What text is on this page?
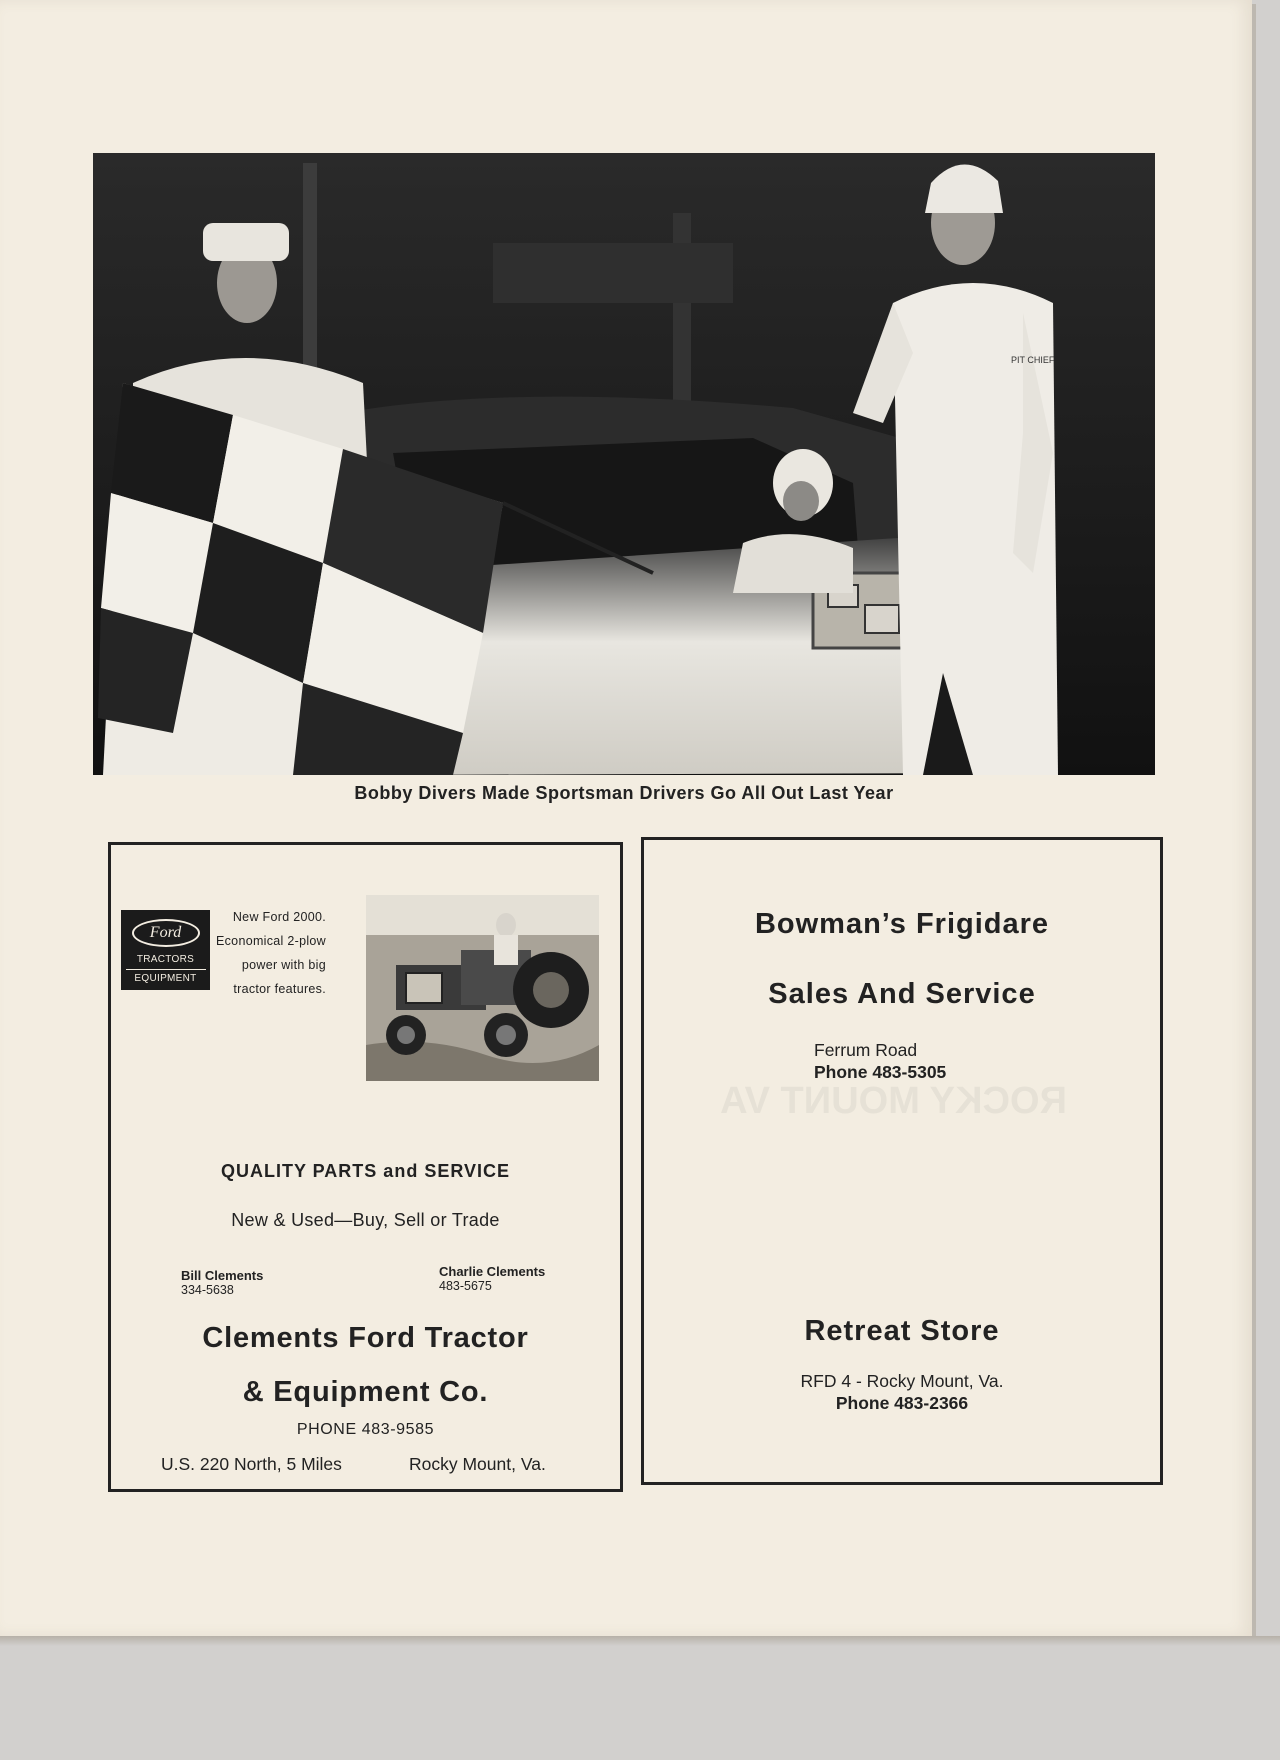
ROCKY MOUNT VA
PIT CHIEF
Bobby Divers Made Sportsman Drivers Go All Out Last Year
Ford
TRACTORS
EQUIPMENT
New Ford 2000.
Economical 2-plow
power with big
tractor features.
QUALITY PARTS and SERVICE
New & Used—Buy, Sell or Trade
Bill Clements
334-5638
Charlie Clements
483-5675
Clements Ford Tractor
& Equipment Co.
PHONE 483-9585
U.S. 220 North, 5 Miles	Rocky Mount, Va.
Bowman’s Frigidare
Sales And Service
Ferrum Road
Phone 483-5305
Retreat Store
RFD 4 - Rocky Mount, Va.
Phone 483-2366
